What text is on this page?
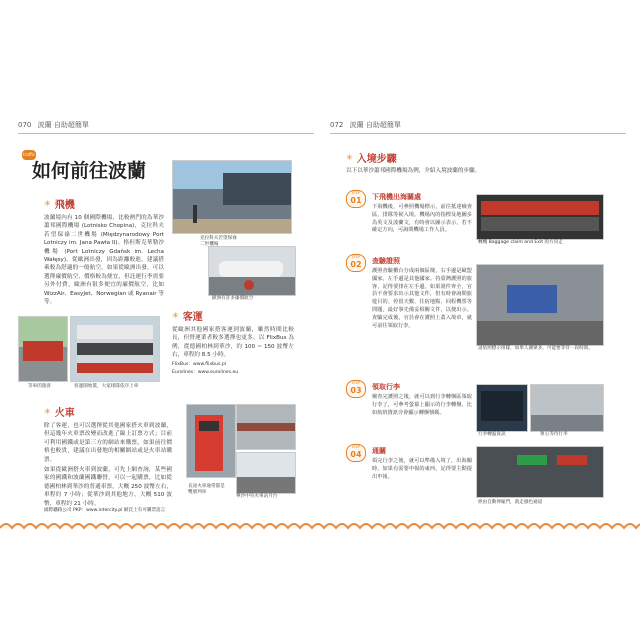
070 波蘭 自助超簡單
traffic
如何前往波蘭
✳ 飛機
波蘭境內有 10 個國際機場，比較熱門的為華沙蕭邦國際機場 (Lotnisko Chopina)，克拉科夫若望保祿二世機場 (Międzynarodowy Port Lotniczy im. Jana Pawła II)、格但斯克華勒沙機場 (Port Lotniczy Gdańsk im. Lecha Wałęsy)。從歐洲出發，因為距離較進，建議搭乘較為舒適的一般航空。如果從歐洲出發，可以選擇廉價航空，價格較為便宜，但託運行李需要另外付費，歐洲有很多便宜的廉價航空，比如 WizzAir、EasyJet、Norwegian 或 Ryanair 等等。
克拉科夫若望保祿二世機場
歐洲有許多廉價航空
✳ 客運
從歐洲其他國家搭客運到波蘭，雖然時間比較長，但營運業者較多選擇也更多，以 FlixBus 為例，從德國柏林到華沙，約 100 ~ 150 波幣左右，車程約 8.5 小時。
FlixBus：www.flixbus.pl
Eurolines：www.eurolines.eu
等車的旅客	客運開始裝，大家排隊依序上車
✳ 火車
除了客運，也可以選擇從其他國家搭火車到波蘭，但這幾年火車票改變而改進了線上訂票方式；目前可利用國鐵或是第三方的網站來購票，如果前往價格也較貴，建議在出發地的相關網站或是火車站購票。
如果從歐洲搭火車到波蘭，可先上網查詢，某些國家的國鐵和波蘭國鐵聯營，可以一起購票，比如從德國柏林到華沙的普通車票，大概 250 波幣左右，車程約 7 小時；從華沙到其他地方，大概 510 波幣，車程約 21 小時。
國際鐵路公司 PKP：www.intercity.pl 網頁上有可購票語言
長途火車通常都是雙層列車
華沙中央火車站月台
072 波蘭 自助超簡單
✳ 入境步驟
以下以華沙蕭邦國際機場為例，介紹入境波蘭的步驟。
STEP
01	下飛機出海關處
下飛機後，可參照機場標示，前往抵達檢查區，排隊等候入境。機場內的指標及地圖多為英文及波蘭文，有時會以圖示表示，若不確定方向，可詢問機場工作人員。
轉機 Baggage claim and Exit 的方向走
STEP
02	查驗證照
護照查驗櫃台分成兩個區塊，右手邊是歐盟國家，左手邊是其他國家。持臺灣護照的旅客，記得要排在左手邊。如果證件齊全，官員不會要求出示其他文件，但有時會詢問旅遊目的、停留天數、住宿地點、回程機票等問題，最好事先備妥相關文件，以便出示。查驗完成後，官員會在護照上蓋入境章，就可前往領取行李。
請依照標示排隊，如果人潮眾多，可能要等待一段時間。
STEP
03	領取行李
檢查完護照之後，就可以到行李轉盤區領取行李了，可參考螢幕上顯示的行李轉盤，比如航班資訊旁會顯示轉盤號碼。
行李轉盤資訊	領心等待行李
STEP
04	通關
領完行李之後，就可以準備入境了，出海關時，如果有需要申報的東西，記得要主動提出申報。
經由自動伸縮門，就走綠色通道
